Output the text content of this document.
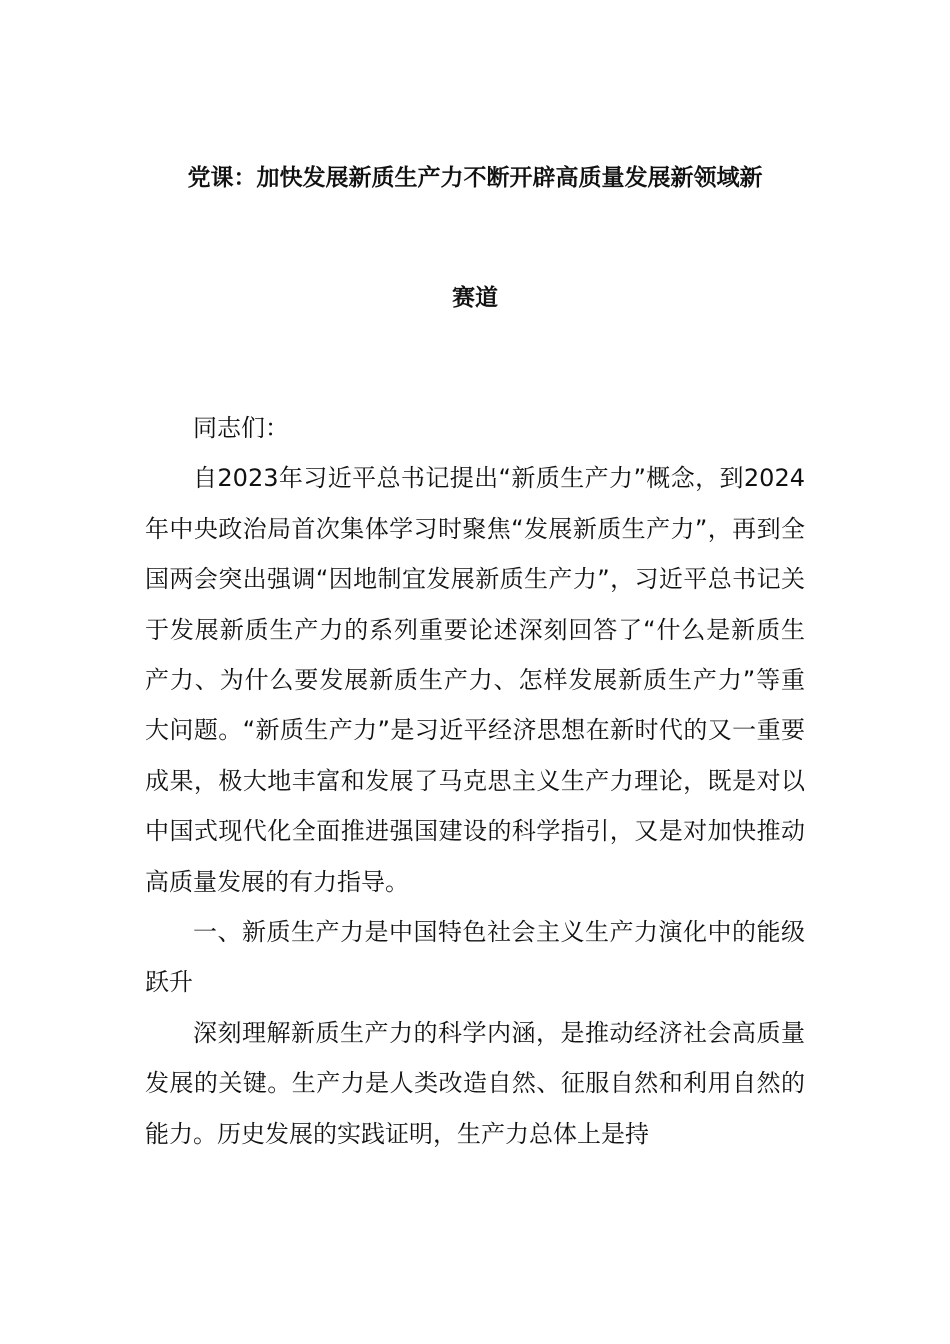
党课：加快发展新质生产力不断开辟高质量发展新领域新
赛道

同志们：

自2023年习近平总书记提出“新质生产力”概念，到2024年中央政治局首次集体学习时聚焦“发展新质生产力”，再到全国两会突出强调“因地制宜发展新质生产力”，习近平总书记关于发展新质生产力的系列重要论述深刻回答了“什么是新质生产力、为什么要发展新质生产力、怎样发展新质生产力”等重大问题。“新质生产力”是习近平经济思想在新时代的又一重要成果，极大地丰富和发展了马克思主义生产力理论，既是对以中国式现代化全面推进强国建设的科学指引，又是对加快推动高质量发展的有力指导。

一、新质生产力是中国特色社会主义生产力演化中的能级跃升

深刻理解新质生产力的科学内涵，是推动经济社会高质量发展的关键。生产力是人类改造自然、征服自然和利用自然的能力。历史发展的实践证明，生产力总体上是持
